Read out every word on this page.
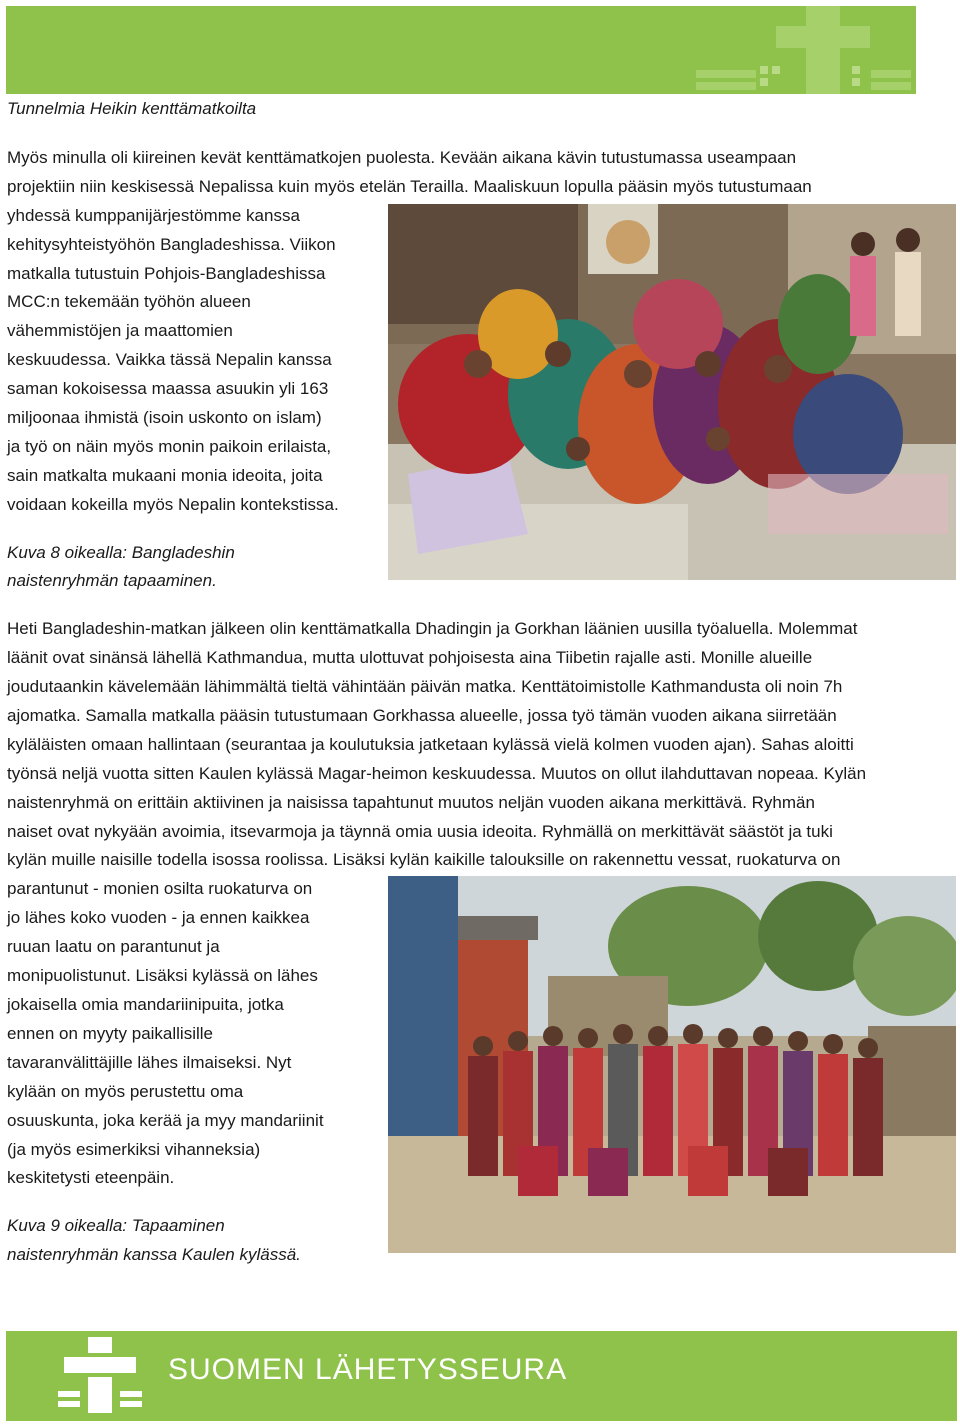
Tunnelmia Heikin kenttämatkoilta

Myös minulla oli kiireinen kevät kenttämatkojen puolesta. Kevään aikana kävin tutustumassa useampaan

projektiin niin keskisessä Nepalissa kuin myös etelän Terailla. Maaliskuun lopulla pääsin myös tutustumaan

yhdessä kumppanijärjestömme kanssa

kehitysyhteistyöhön Bangladeshissa. Viikon

matkalla tutustuin Pohjois-Bangladeshissa

MCC:n tekemään työhön alueen

vähemmistöjen ja maattomien

keskuudessa. Vaikka tässä Nepalin kanssa

saman kokoisessa maassa asuukin yli 163

miljoonaa ihmistä (isoin uskonto on islam)

ja työ on näin myös monin paikoin erilaista,

sain matkalta mukaani monia ideoita, joita

voidaan kokeilla myös Nepalin kontekstissa.

Kuva 8 oikealla: Bangladeshin

naistenryhmän tapaaminen.

Heti Bangladeshin-matkan jälkeen olin kenttämatkalla Dhadingin ja Gorkhan läänien uusilla työaluella. Molemmat

läänit ovat sinänsä lähellä Kathmandua, mutta ulottuvat pohjoisesta aina Tiibetin rajalle asti. Monille alueille

joudutaankin kävelemään lähimmältä tieltä vähintään päivän matka. Kenttätoimistolle Kathmandusta oli noin 7h

ajomatka. Samalla matkalla pääsin tutustumaan Gorkhassa alueelle, jossa työ tämän vuoden aikana siirretään

kyläläisten omaan hallintaan (seurantaa ja koulutuksia jatketaan kylässä vielä kolmen vuoden ajan). Sahas aloitti

työnsä neljä vuotta sitten Kaulen kylässä Magar-heimon keskuudessa. Muutos on ollut ilahduttavan nopeaa. Kylän

naistenryhmä on erittäin aktiivinen ja naisissa tapahtunut muutos neljän vuoden aikana merkittävä. Ryhmän

naiset ovat nykyään avoimia, itsevarmoja ja täynnä omia uusia ideoita. Ryhmällä on merkittävät säästöt ja tuki

kylän muille naisille todella isossa roolissa. Lisäksi kylän kaikille talouksille on rakennettu vessat, ruokaturva on

parantunut - monien osilta ruokaturva on

jo lähes koko vuoden - ja ennen kaikkea

ruuan laatu on parantunut ja

monipuolistunut. Lisäksi kylässä on lähes

jokaisella omia mandariinipuita, jotka

ennen on myyty paikallisille

tavaranvälittäjille lähes ilmaiseksi. Nyt

kylään on myös perustettu oma

osuuskunta, joka kerää ja myy mandariinit

(ja myös esimerkiksi vihanneksia)

keskitetysti eteenpäin.

Kuva 9 oikealla: Tapaaminen

naistenryhmän kanssa Kaulen kylässä.

SUOMEN LÄHETYSSEURA
